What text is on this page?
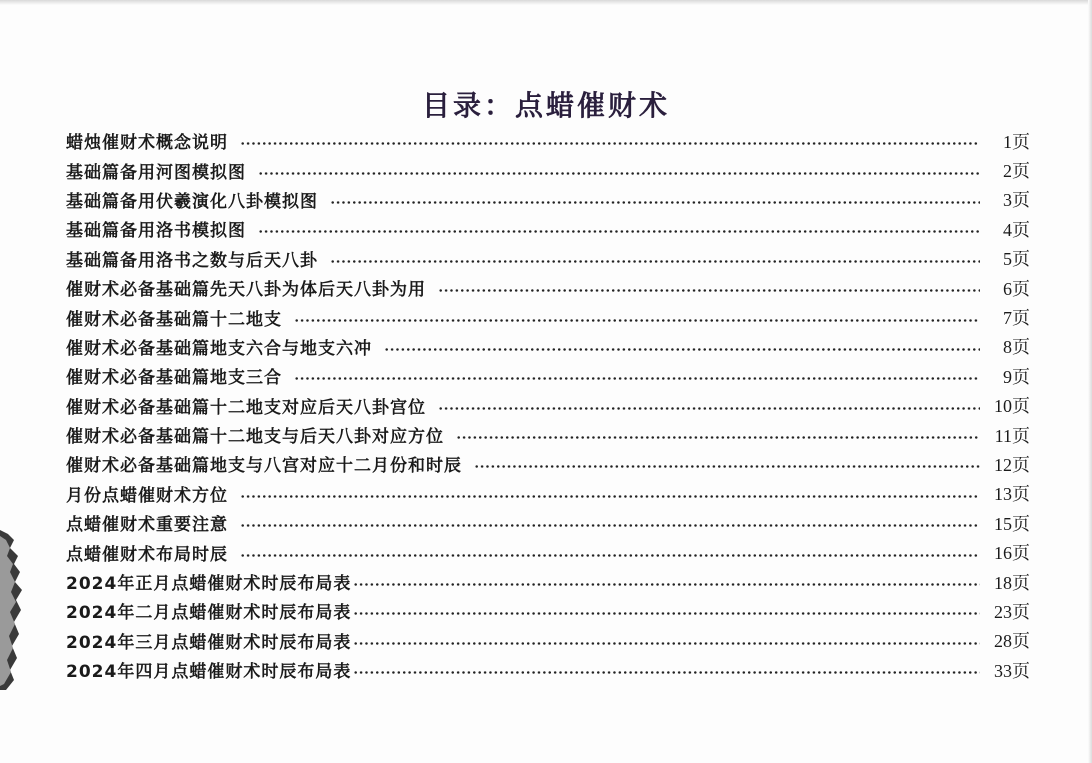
目录：点蜡催财术
蜡烛催财术概念说明	1页
基础篇备用河图模拟图	2页
基础篇备用伏羲演化八卦模拟图	3页
基础篇备用洛书模拟图	4页
基础篇备用洛书之数与后天八卦	5页
催财术必备基础篇先天八卦为体后天八卦为用	6页
催财术必备基础篇十二地支	7页
催财术必备基础篇地支六合与地支六冲	8页
催财术必备基础篇地支三合	9页
催财术必备基础篇十二地支对应后天八卦宫位	10页
催财术必备基础篇十二地支与后天八卦对应方位	11页
催财术必备基础篇地支与八宫对应十二月份和时辰	12页
月份点蜡催财术方位	13页
点蜡催财术重要注意	15页
点蜡催财术布局时辰	16页
2024年正月点蜡催财术时辰布局表	18页
2024年二月点蜡催财术时辰布局表	23页
2024年三月点蜡催财术时辰布局表	28页
2024年四月点蜡催财术时辰布局表	33页
